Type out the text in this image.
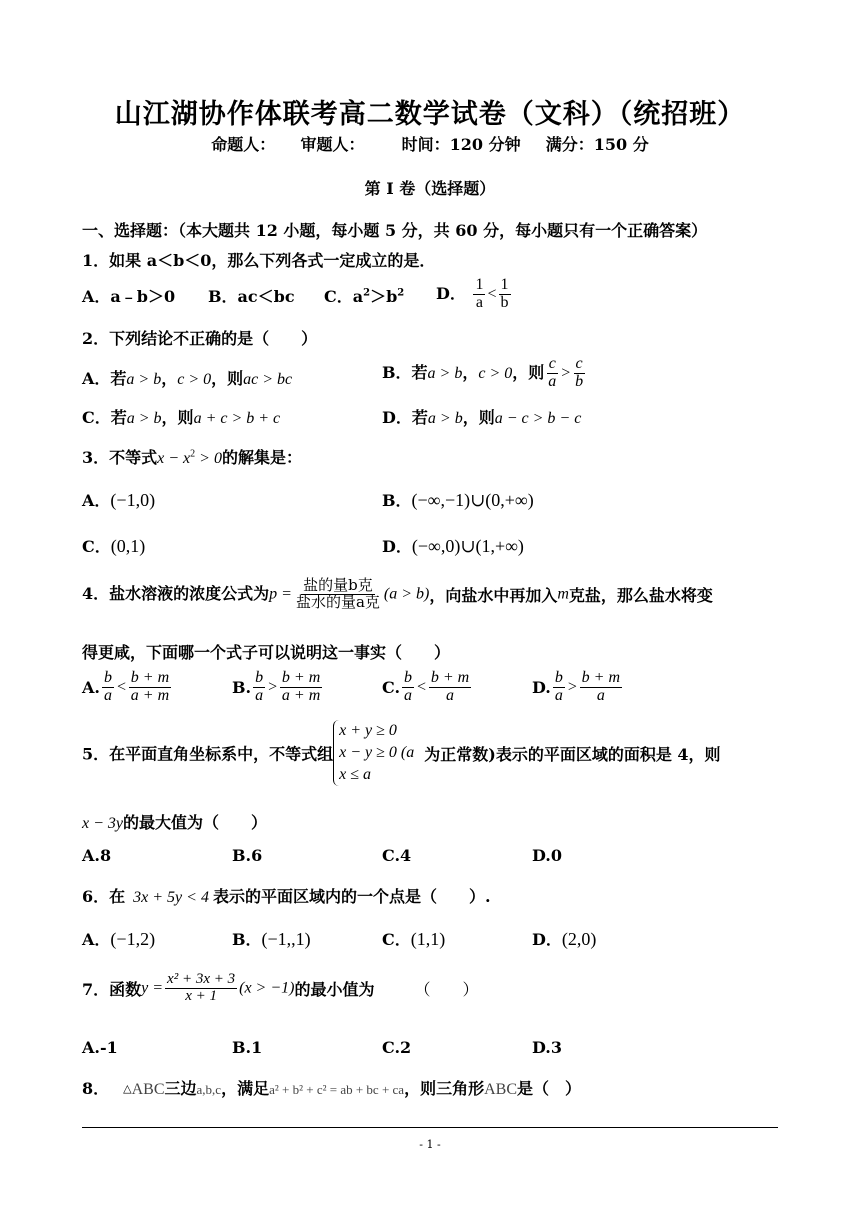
山江湖协作体联考高二数学试卷（文科）（统招班）
命题人： 审题人： 时间：120 分钟 满分：150 分
第 I 卷（选择题）
一、选择题：（本大题共 12 小题，每小题 5 分，共 60 分，每小题只有一个正确答案）
1．如果 a＜b＜0，那么下列各式一定成立的是．
A．a﹣b＞0 B．ac＜bc C．$a^2>b^2$ D． $\frac{1}{a} < \frac{1}{b}$
2．下列结论不正确的是（　　）
A．若a > b，c > 0，则ac > bc	B．若a > b，c > 0，则 $\frac{c}{a} > \frac{c}{b}$
C．若a > b，则a + c > b + c	D．若a > b，则a − c > b − c
3．不等式$x - x^2 > 0$的解集是：
A．(−1,0)	B．(−∞,−1)∪(0,+∞)
C．(0,1)	D．(−∞,0)∪(1,+∞)
4．盐水溶液的浓度公式为$p = \frac{\text{盐的量b克}}{\text{盐水的量a克}} (a > b)$，向盐水中再加入m克盐，那么盐水将变
得更咸，下面哪一个式子可以说明这一事实（　　）
A. $\frac{b}{a} < \frac{b + m}{a + m}$	B. $\frac{b}{a} > \frac{b + m}{a + m}$	C. $\frac{b}{a} < \frac{b + m}{a}$	D. $\frac{b}{a} > \frac{b + m}{a}$
5．在平面直角坐标系中，不等式组
x + y ≥ 0
x − y ≥ 0 (a
x ≤ a
为正常数)表示的平面区域的面积是 4，则
x − 3y的最大值为（　　）
A.8	B.6	C.4	D.0
6．在 3x + 5y < 4 表示的平面区域内的一个点是（　　）.
A．(−1,2)	B．(−1,,1)	C．(1,1)	D．(2,0)
7．函数$y = \frac{\text{x² + 3x + 3}}{x + 1} (x > -1)$的最小值为	（　　）
A.-1	B.1	C.2	D.3
8． △ABC三边a,b,c，满足a² + b² + c² = ab + bc + ca，则三角形ABC是（　）
- 1 -
